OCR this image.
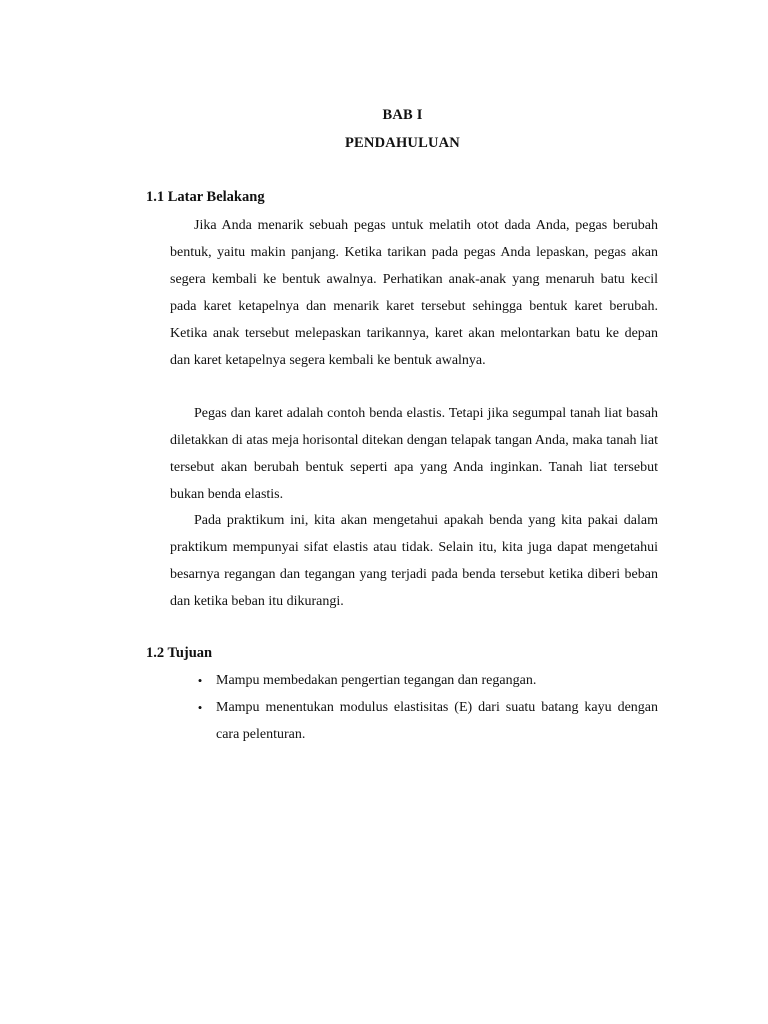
BAB I
PENDAHULUAN
1.1 Latar Belakang

Jika Anda menarik sebuah pegas untuk melatih otot dada Anda, pegas berubah bentuk, yaitu makin panjang. Ketika tarikan pada pegas Anda lepaskan, pegas akan segera kembali ke bentuk awalnya. Perhatikan anak-anak yang menaruh batu kecil pada karet ketapelnya dan menarik karet tersebut sehingga bentuk karet berubah. Ketika anak tersebut melepaskan tarikannya, karet akan melontarkan batu ke depan dan karet ketapelnya segera kembali ke bentuk awalnya.

Pegas dan karet adalah contoh benda elastis. Tetapi jika segumpal tanah liat basah diletakkan di atas meja horisontal ditekan dengan telapak tangan Anda, maka tanah liat tersebut akan berubah bentuk seperti apa yang Anda inginkan. Tanah liat tersebut bukan benda elastis.

Pada praktikum ini, kita akan mengetahui apakah benda yang kita pakai dalam praktikum mempunyai sifat elastis atau tidak. Selain itu, kita juga dapat mengetahui besarnya regangan dan tegangan yang terjadi pada benda tersebut ketika diberi beban dan ketika beban itu dikurangi.

1.2 Tujuan
• Mampu membedakan pengertian tegangan dan regangan.
• Mampu menentukan modulus elastisitas (E) dari suatu batang kayu dengan cara pelenturan.
